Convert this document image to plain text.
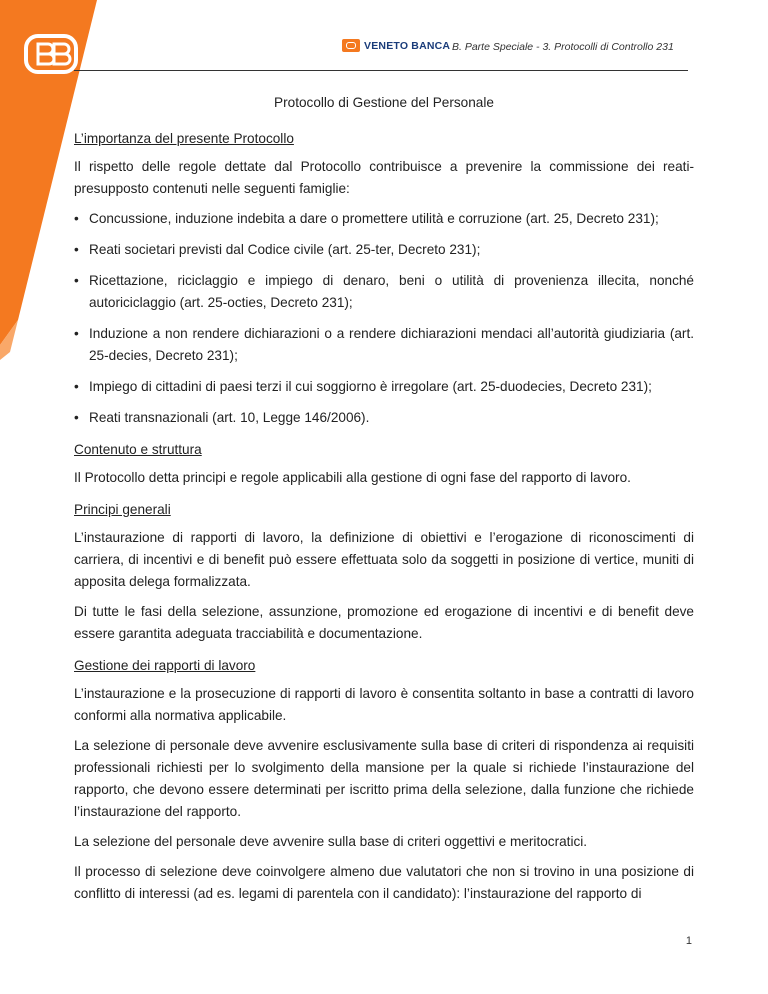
VENETO BANCA B. Parte Speciale - 3. Protocolli di Controllo 231
Protocollo di Gestione del Personale
L’importanza del presente Protocollo

Il rispetto delle regole dettate dal Protocollo contribuisce a prevenire la commissione dei reati-presupposto contenuti nelle seguenti famiglie:

• Concussione, induzione indebita a dare o promettere utilità e corruzione (art. 25, Decreto 231);
• Reati societari previsti dal Codice civile (art. 25-ter, Decreto 231);
• Ricettazione, riciclaggio e impiego di denaro, beni o utilità di provenienza illecita, nonché autoriciclaggio (art. 25-octies, Decreto 231);
• Induzione a non rendere dichiarazioni o a rendere dichiarazioni mendaci all’autorità giudiziaria (art. 25-decies, Decreto 231);
• Impiego di cittadini di paesi terzi il cui soggiorno è irregolare (art. 25-duodecies, Decreto 231);
• Reati transnazionali (art. 10, Legge 146/2006).
Contenuto e struttura

Il Protocollo detta principi e regole applicabili alla gestione di ogni fase del rapporto di lavoro.

Principi generali

L’instaurazione di rapporti di lavoro, la definizione di obiettivi e l’erogazione di riconoscimenti di carriera, di incentivi e di benefit può essere effettuata solo da soggetti in posizione di vertice, muniti di apposita delega formalizzata.

Di tutte le fasi della selezione, assunzione, promozione ed erogazione di incentivi e di benefit deve essere garantita adeguata tracciabilità e documentazione.

Gestione dei rapporti di lavoro

L’instaurazione e la prosecuzione di rapporti di lavoro è consentita soltanto in base a contratti di lavoro conformi alla normativa applicabile.

La selezione di personale deve avvenire esclusivamente sulla base di criteri di rispondenza ai requisiti professionali richiesti per lo svolgimento della mansione per la quale si richiede l’instaurazione del rapporto, che devono essere determinati per iscritto prima della selezione, dalla funzione che richiede l’instaurazione del rapporto.

La selezione del personale deve avvenire sulla base di criteri oggettivi e meritocratici.

Il processo di selezione deve coinvolgere almeno due valutatori che non si trovino in una posizione di conflitto di interessi (ad es. legami di parentela con il candidato): l’instaurazione del rapporto di

1
